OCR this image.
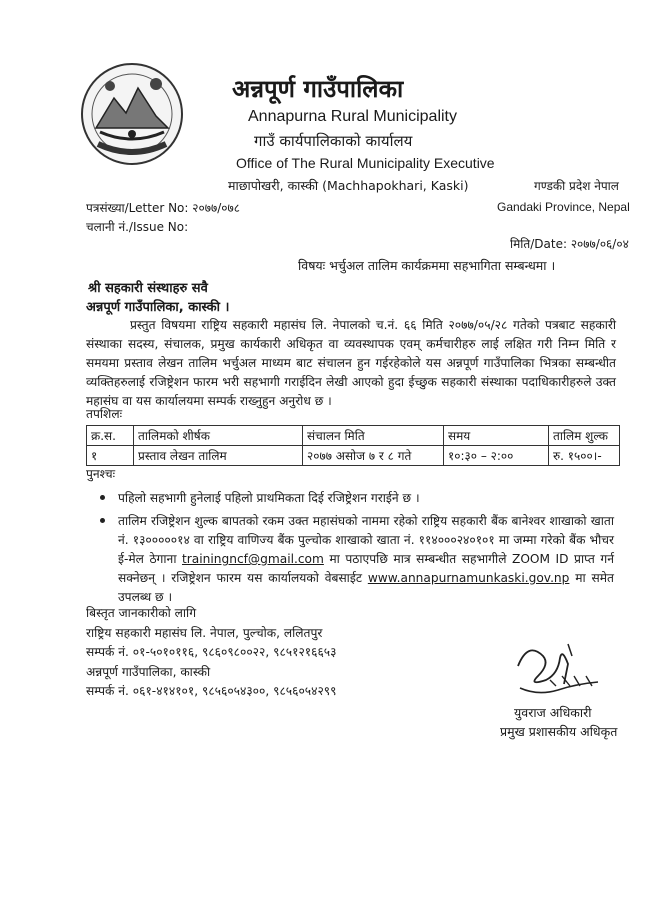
अन्नपूर्ण गाउँपालिका
Annapurna Rural Municipality
गाउँ कार्यपालिकाको कार्यालय
Office of The Rural Municipality Executive
माछापोखरी, कास्की (Machhapokhari, Kaski)	गण्डकी प्रदेश नेपाल
Gandaki Province, Nepal
पत्रसंख्या/Letter No: २०७७/०७८
चलानी नं./Issue No:
मिति/Date: २०७७/०६/०४
विषयः भर्चुअल तालिम कार्यक्रममा सहभागिता सम्बन्धमा ।
श्री सहकारी संस्थाहरु सवै
अन्नपूर्ण गाउँपालिका, कास्की ।

प्रस्तुत विषयमा राष्ट्रिय सहकारी महासंघ लि. नेपालको च.नं. ६६ मिति २०७७/०५/२८ गतेको पत्रबाट सहकारी संस्थाका सदस्य, संचालक, प्रमुख कार्यकारी अधिकृत वा व्यवस्थापक एवम् कर्मचारीहरु लाई लक्षित गरी निम्न मिति र समयमा प्रस्ताव लेखन तालिम भर्चुअल माध्यम बाट संचालन हुन गईरहेकोले यस अन्नपूर्ण गाउँपालिका भित्रका सम्बन्धीत व्यक्तिहरुलाई रजिष्ट्रेशन फारम भरी सहभागी गराईदिन लेखी आएको हुदा ईच्छुक सहकारी संस्थाका पदाधिकारीहरुले उक्त महासंघ वा यस कार्यालयमा सम्पर्क राख्नुहुन अनुरोध छ ।

तपशिलः
क्र.स.	तालिमको शीर्षक	संचालन मिति	समय	तालिम शुल्क
१	प्रस्ताव लेखन तालिम	२०७७ असोज ७ र ८ गते	१०:३० – २:००	रु. १५००।-
पुनश्चः
पहिलो सहभागी हुनेलाई पहिलो प्राथमिकता दिई रजिष्ट्रेशन गराईने छ ।
तालिम रजिष्ट्रेशन शुल्क बापतको रकम उक्त महासंघको नाममा रहेको राष्ट्रिय सहकारी बैंक बानेश्वर शाखाको खाता नं. १३०००००१४ वा राष्ट्रिय वाणिज्य बैंक पुल्चोक शाखाको खाता नं. ११४०००२४०१०१ मा जम्मा गरेको बैंक भौचर ई-मेल ठेगाना trainingncf@gmail.com मा पठाएपछि मात्र सम्बन्धीत सहभागीले ZOOM ID प्राप्त गर्न सक्नेछन् । रजिष्ट्रेशन फारम यस कार्यालयको वेबसाईट www.annapurnamunkaski.gov.np मा समेत उपलब्ध छ ।
बिस्तृत जानकारीको लागि
राष्ट्रिय सहकारी महासंघ लि. नेपाल, पुल्चोक, ललितपुर
सम्पर्क नं. ०१-५०१०११६, ९८६०९८००२२, ९८५१२१६६५३
अन्नपूर्ण गाउँपालिका, कास्की
सम्पर्क नं. ०६१-४१४१०१, ९८५६०५४३००, ९८५६०५४२९९
युवराज अधिकारी
प्रमुख प्रशासकीय अधिकृत
